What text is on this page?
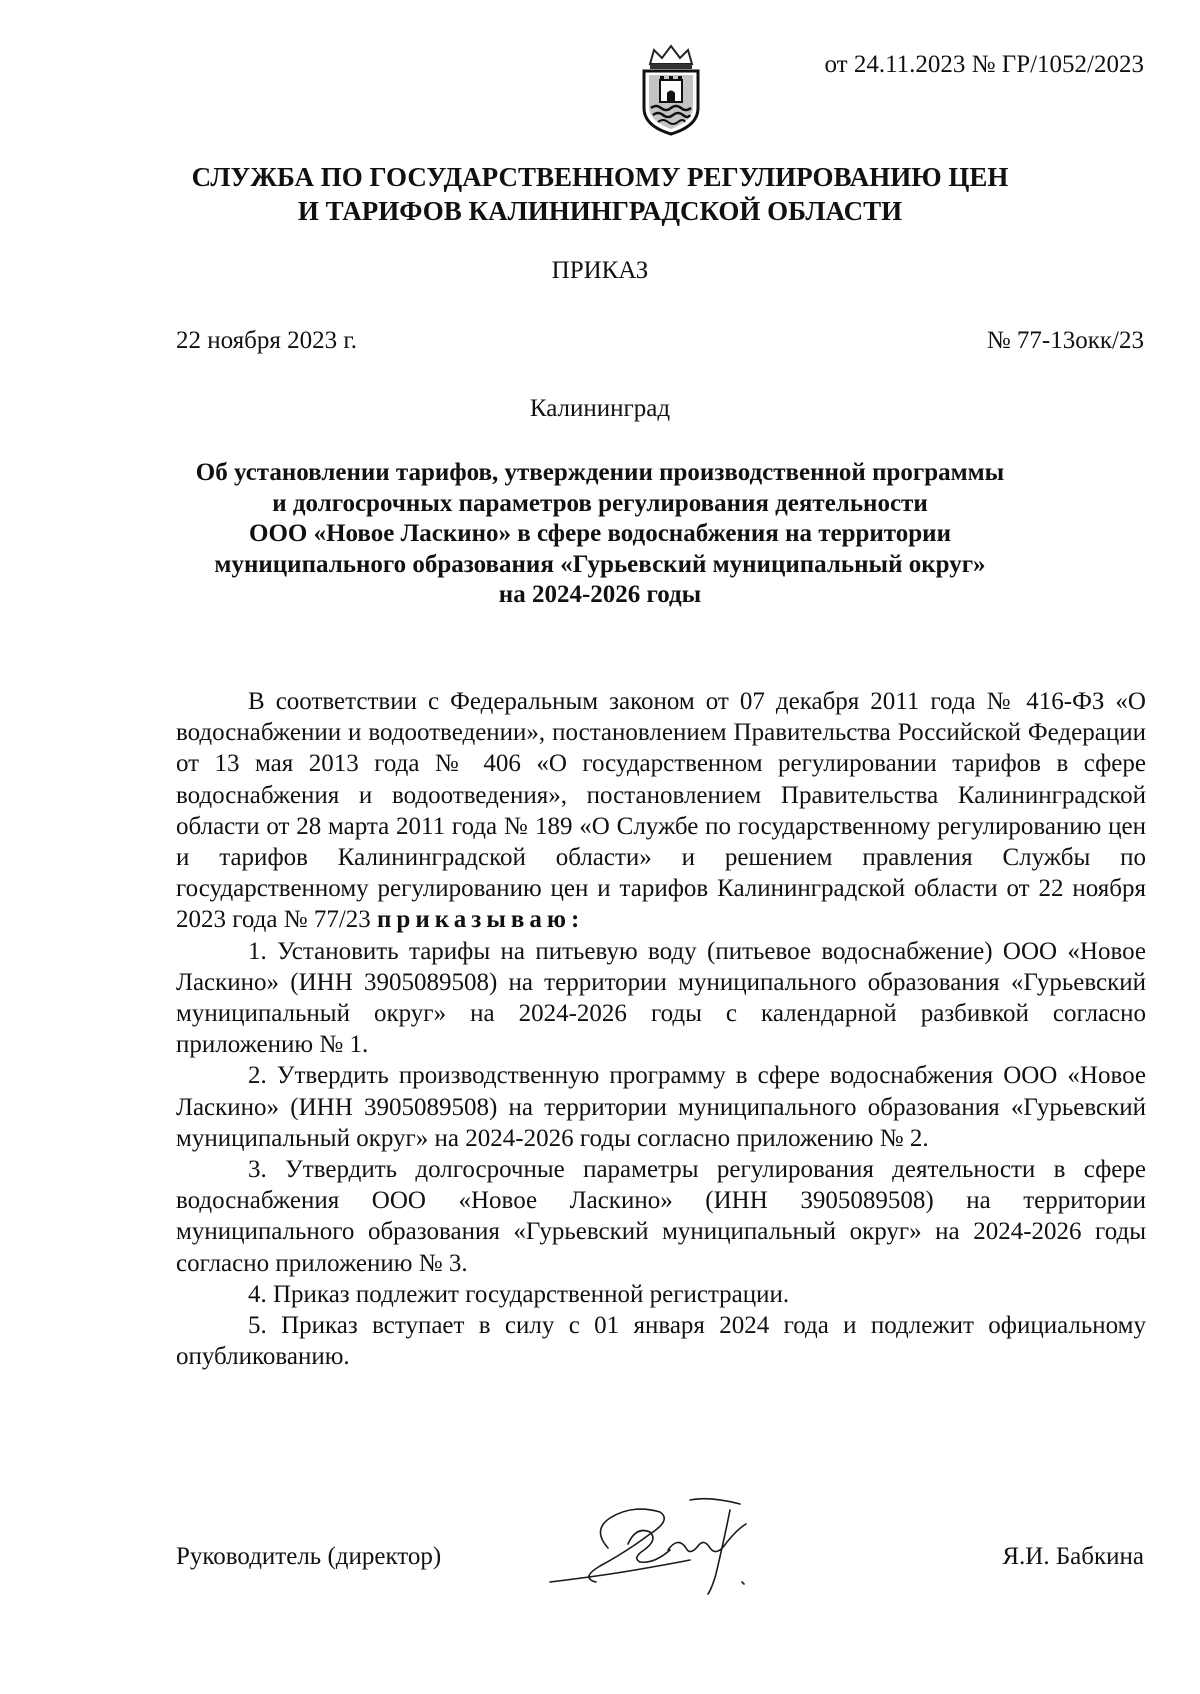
от 24.11.2023 № ГР/1052/2023
СЛУЖБА ПО ГОСУДАРСТВЕННОМУ РЕГУЛИРОВАНИЮ ЦЕН
И ТАРИФОВ КАЛИНИНГРАДСКОЙ ОБЛАСТИ
ПРИКАЗ
22 ноября 2023 г.	№ 77-13окк/23
Калининград
Об установлении тарифов, утверждении производственной программы
и долгосрочных параметров регулирования деятельности
ООО «Новое Ласкино» в сфере водоснабжения на территории
муниципального образования «Гурьевский муниципальный округ»
на 2024-2026 годы

В соответствии с Федеральным законом от 07 декабря 2011 года № 416-ФЗ «О водоснабжении и водоотведении», постановлением Правительства Российской Федерации от 13 мая 2013 года № 406 «О государственном регулировании тарифов в сфере водоснабжения и водоотведения», постановлением Правительства Калининградской области от 28 марта 2011 года № 189 «О Службе по государственному регулированию цен и тарифов Калининградской области» и решением правления Службы по государственному регулированию цен и тарифов Калининградской области от 22 ноября 2023 года № 77/23 приказываю:

1. Установить тарифы на питьевую воду (питьевое водоснабжение) ООО «Новое Ласкино» (ИНН 3905089508) на территории муниципального образования «Гурьевский муниципальный округ» на 2024-2026 годы с календарной разбивкой согласно приложению № 1.

2. Утвердить производственную программу в сфере водоснабжения ООО «Новое Ласкино» (ИНН 3905089508) на территории муниципального образования «Гурьевский муниципальный округ» на 2024-2026 годы согласно приложению № 2.

3. Утвердить долгосрочные параметры регулирования деятельности в сфере водоснабжения ООО «Новое Ласкино» (ИНН 3905089508) на территории муниципального образования «Гурьевский муниципальный округ» на 2024-2026 годы согласно приложению № 3.

4. Приказ подлежит государственной регистрации.

5. Приказ вступает в силу с 01 января 2024 года и подлежит официальному опубликованию.

Руководитель (директор)	Я.И. Бабкина
